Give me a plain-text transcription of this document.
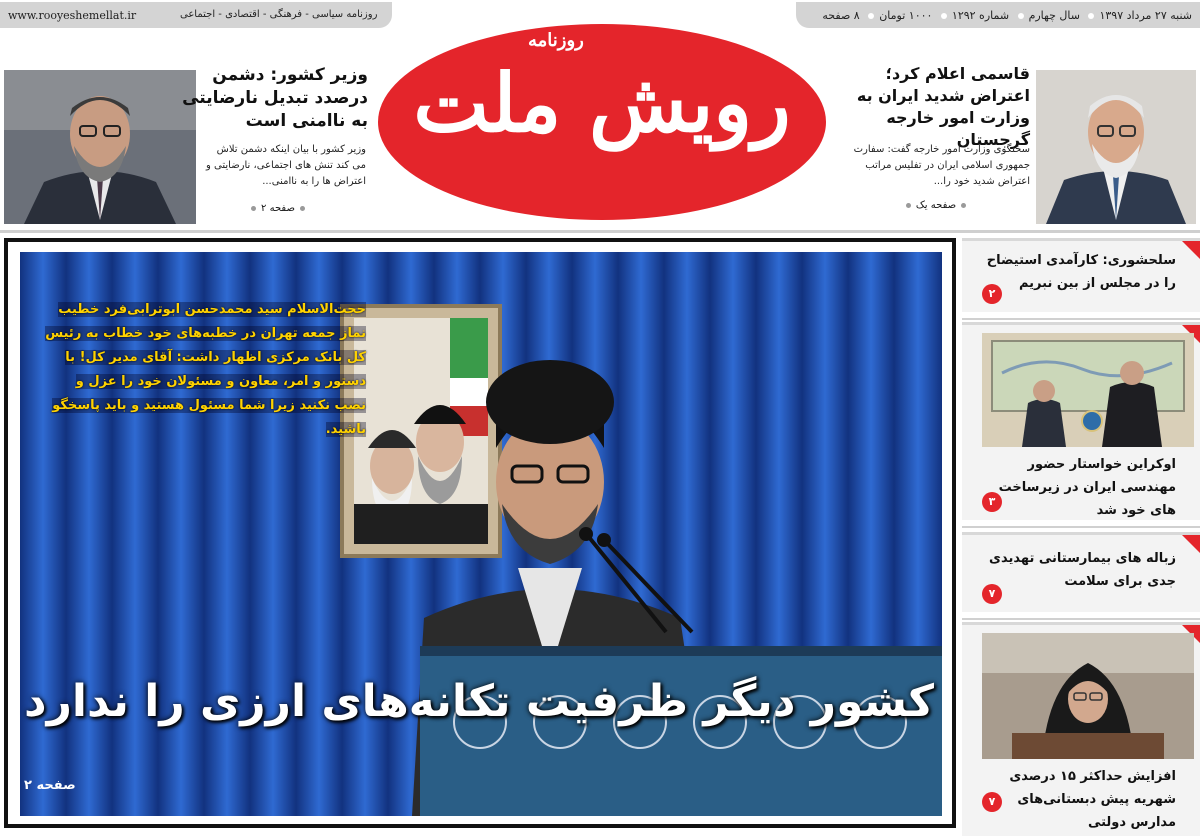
شنبه ۲۷ مرداد ۱۳۹۷ سال چهارم شماره ۱۲۹۲ ۱۰۰۰ تومان ۸ صفحه
www.rooyeshemellat.ir	روزنامه سیاسی - فرهنگی - اقتصادی - اجتماعی
روزنامه
رویش ملت
وزیر کشور: دشمن درصدد تبدیل نارضایتی به ناامنی است
وزیر کشور با بیان اینکه دشمن تلاش می کند تنش های اجتماعی، نارضایتی و اعتراض ها را به ناامنی...
صفحه ۲
قاسمی اعلام کرد؛ اعتراض شدید ایران به وزارت امور خارجه گرجستان
سخنگوی وزارت امور خارجه گفت: سفارت جمهوری اسلامی ایران در تفلیس مراتب اعتراض شدید خود را...
صفحه یک
حجت‌الاسلام سید محمدحسن ابوترابی‌فرد خطیب نماز جمعه تهران در خطبه‌های خود خطاب به رئیس کل بانک مرکزی اظهار داشت: آقای مدیر کل! با دستور و امر، معاون و مسئولان خود را عزل و نصب نکنید زیرا شما مسئول هستید و باید پاسخگو باشید.
کشور دیگر ظرفیت تکانه‌های ارزی را ندارد
صفحه ۲
سلحشوری: کارآمدی استیضاح را در مجلس از بین نبریم
۲
اوکراین خواستار حضور مهندسی ایران در زیرساخت های خود شد
۳
زباله های بیمارستانی تهدیدی جدی برای سلامت
۷
افزایش حداکثر ۱۵ درصدی شهریه پیش دبستانی‌های مدارس دولتی
۷
